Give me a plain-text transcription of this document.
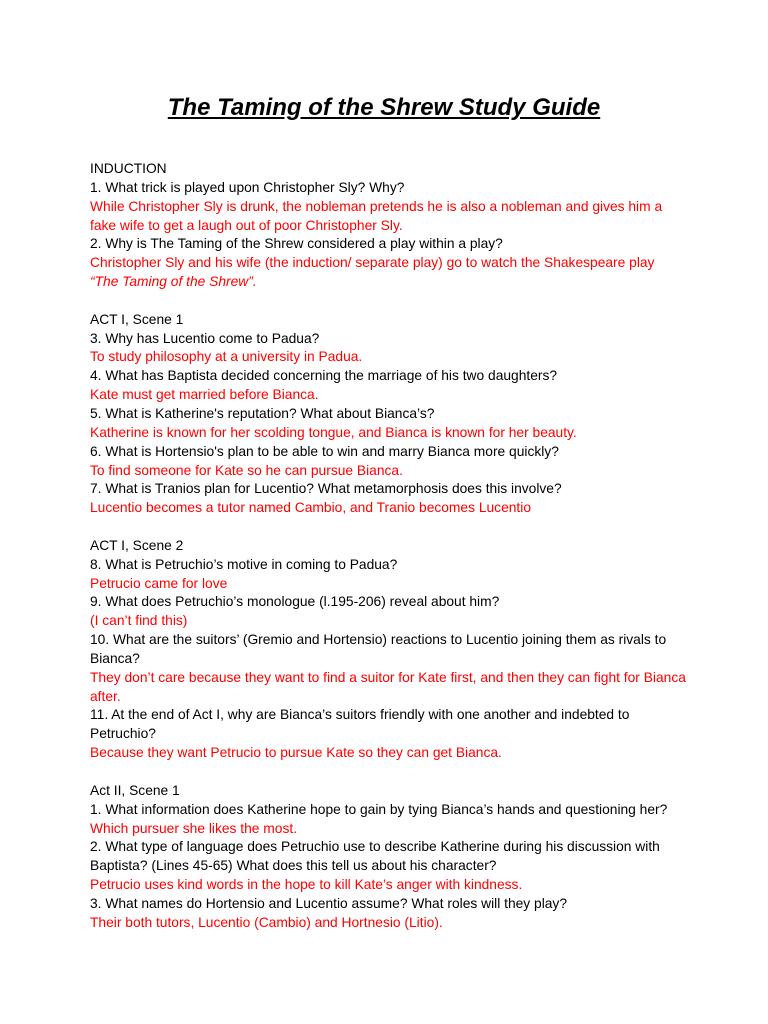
The Taming of the Shrew Study Guide
INDUCTION
1. What trick is played upon Christopher Sly? Why?
While Christopher Sly is drunk, the nobleman pretends he is also a nobleman and gives him a fake wife to get a laugh out of poor Christopher Sly.
2. Why is The Taming of the Shrew considered a play within a play?
Christopher Sly and his wife (the induction/ separate play) go to watch the Shakespeare play
“The Taming of the Shrew”.
ACT I, Scene 1
3. Why has Lucentio come to Padua?
To study philosophy at a university in Padua.
4. What has Baptista decided concerning the marriage of his two daughters?
Kate must get married before Bianca.
5. What is Katherine's reputation? What about Bianca’s?
Katherine is known for her scolding tongue, and Bianca is known for her beauty.
6. What is Hortensio's plan to be able to win and marry Bianca more quickly?
To find someone for Kate so he can pursue Bianca.
7. What is Tranios plan for Lucentio? What metamorphosis does this involve?
Lucentio becomes a tutor named Cambio, and Tranio becomes Lucentio
ACT I, Scene 2
8. What is Petruchio’s motive in coming to Padua?
Petrucio came for love
9. What does Petruchio’s monologue (l.195-206) reveal about him?
(I can’t find this)
10. What are the suitors’ (Gremio and Hortensio) reactions to Lucentio joining them as rivals to Bianca?
They don’t care because they want to find a suitor for Kate first, and then they can fight for Bianca after.
11. At the end of Act I, why are Bianca’s suitors friendly with one another and indebted to Petruchio?
Because they want Petrucio to pursue Kate so they can get Bianca.
Act II, Scene 1
1. What information does Katherine hope to gain by tying Bianca’s hands and questioning her?
Which pursuer she likes the most.
2. What type of language does Petruchio use to describe Katherine during his discussion with Baptista? (Lines 45-65) What does this tell us about his character?
Petrucio uses kind words in the hope to kill Kate’s anger with kindness.
3. What names do Hortensio and Lucentio assume? What roles will they play?
Their both tutors, Lucentio (Cambio) and Hortnesio (Litio).
